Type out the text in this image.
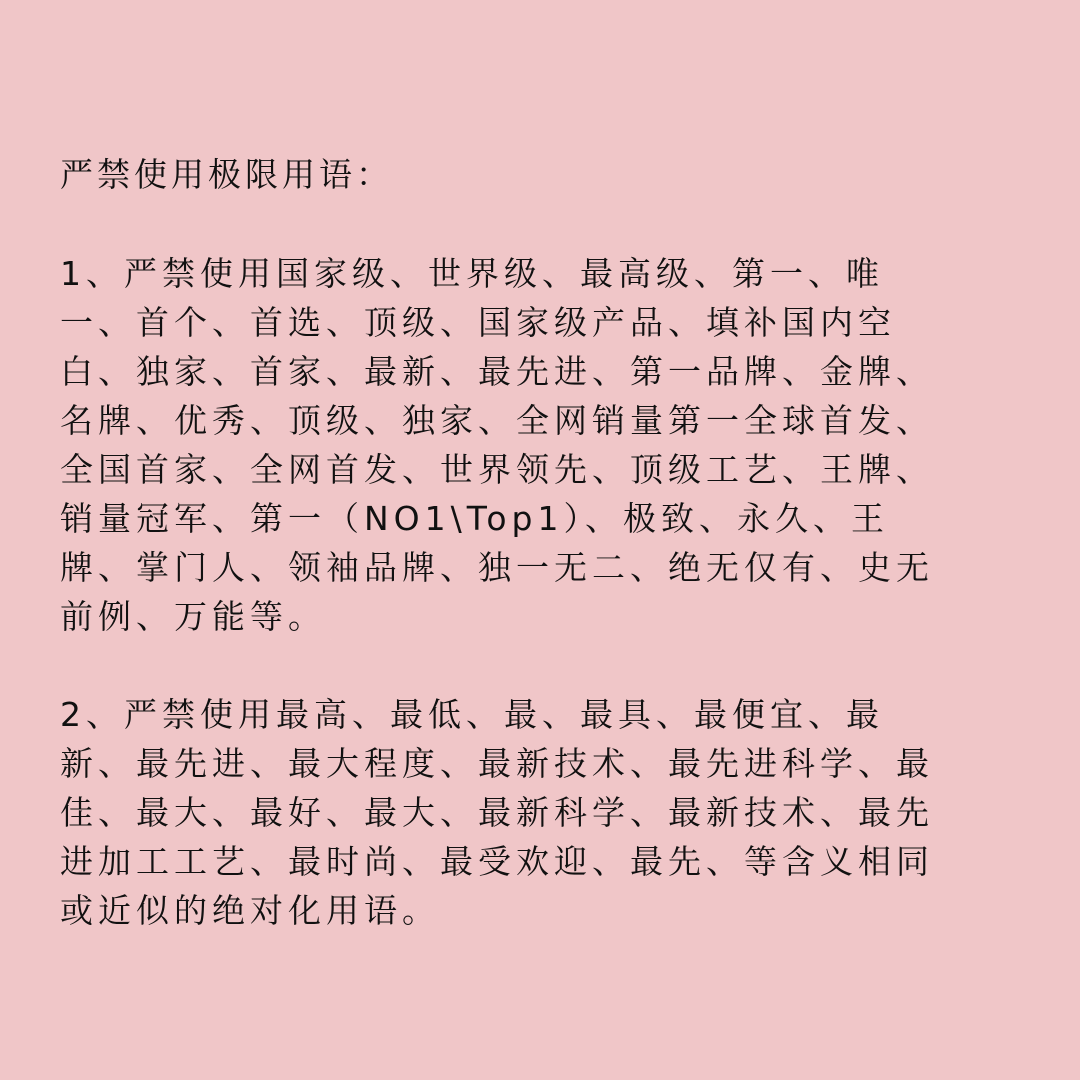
严禁使用极限用语：

1、严禁使用国家级、世界级、最高级、第一、唯
一、首个、首选、顶级、国家级产品、填补国内空
白、独家、首家、最新、最先进、第一品牌、金牌、
名牌、优秀、顶级、独家、全网销量第一全球首发、
全国首家、全网首发、世界领先、顶级工艺、王牌、
销量冠军、第一（NO1\Top1）、极致、永久、王
牌、掌门人、领袖品牌、独一无二、绝无仅有、史无
前例、万能等。

2、严禁使用最高、最低、最、最具、最便宜、最
新、最先进、最大程度、最新技术、最先进科学、最
佳、最大、最好、最大、最新科学、最新技术、最先
进加工工艺、最时尚、最受欢迎、最先、等含义相同
或近似的绝对化用语。
